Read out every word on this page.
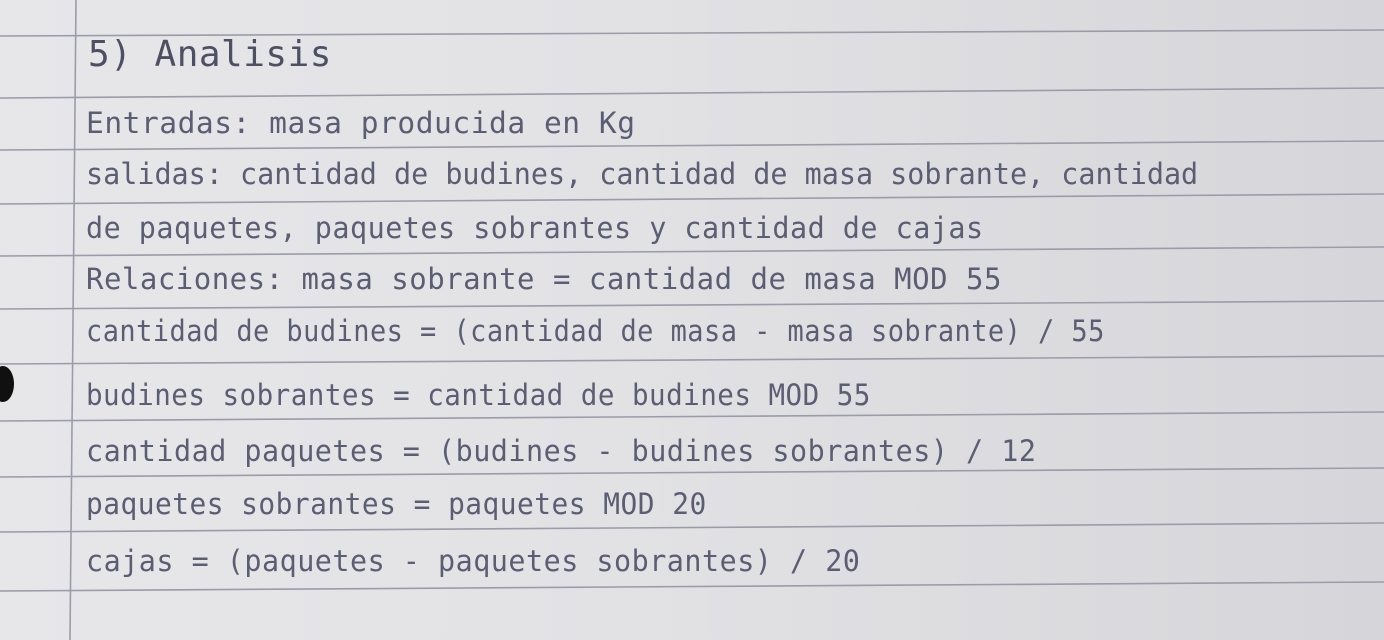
5) Analisis
Entradas: masa producida en Kg
salidas: cantidad de budines, cantidad de masa sobrante, cantidad
de paquetes, paquetes sobrantes y cantidad de cajas
Relaciones: masa sobrante = cantidad de masa MOD 55
cantidad de budines = (cantidad de masa - masa sobrante) / 55
budines sobrantes = cantidad de budines MOD 55
cantidad paquetes = (budines - budines sobrantes) / 12
paquetes sobrantes = paquetes MOD 20
cajas = (paquetes - paquetes sobrantes) / 20
